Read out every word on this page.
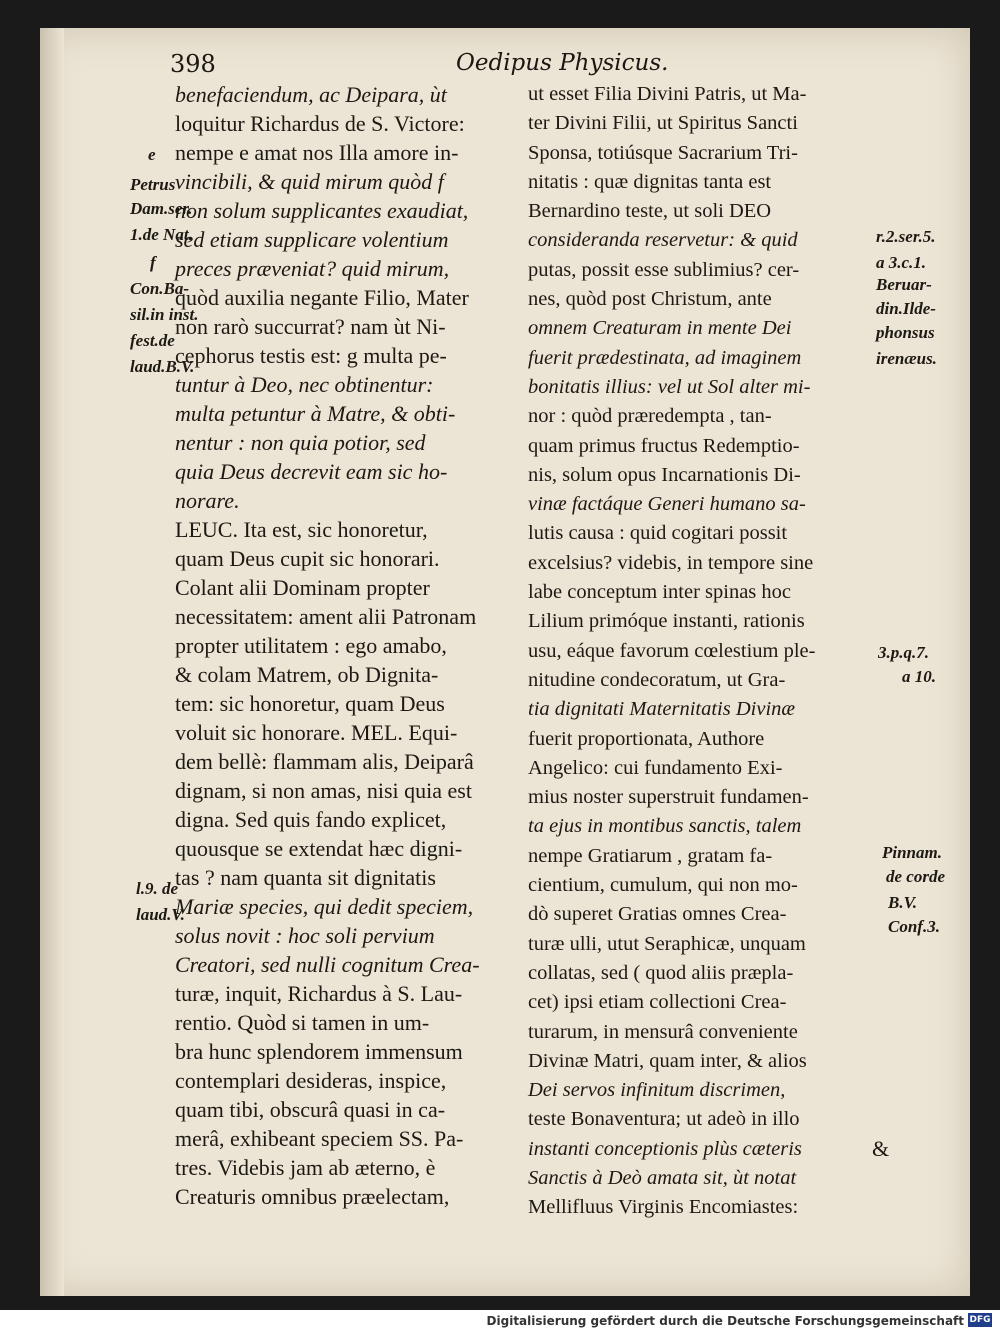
398	Oedipus Physicus.
benefaciendum, ac Deipara, ùt
loquitur Richardus de S. Victore:
nempe e amat nos Illa amore in-
vincibili, & quid mirum quòd f
non solum supplicantes exaudiat,
sed etiam supplicare volentium
preces præveniat? quid mirum,
quòd auxilia negante Filio, Mater
non rarò succurrat? nam ùt Ni-
cephorus testis est: g multa pe-
tuntur à Deo, nec obtinentur:
multa petuntur à Matre, & obti-
nentur : non quia potior, sed
quia Deus decrevit eam sic ho-
norare.
LEUC. Ita est, sic honoretur,
quam Deus cupit sic honorari.
Colant alii Dominam propter
necessitatem: ament alii Patronam
propter utilitatem : ego amabo,
& colam Matrem, ob Dignita-
tem: sic honoretur, quam Deus
voluit sic honorare. MEL. Equi-
dem bellè: flammam alis, Deiparâ
dignam, si non amas, nisi quia est
digna. Sed quis fando explicet,
quousque se extendat hæc digni-
tas ? nam quanta sit dignitatis
Mariæ species, qui dedit speciem,
solus novit : hoc soli pervium
Creatori, sed nulli cognitum Crea-
turæ, inquit, Richardus à S. Lau-
rentio. Quòd si tamen in um-
bra hunc splendorem immensum
contemplari desideras, inspice,
quam tibi, obscurâ quasi in ca-
merâ, exhibeant speciem SS. Pa-
tres. Videbis jam ab æterno, è
Creaturis omnibus præelectam,
ut esset Filia Divini Patris, ut Ma-
ter Divini Filii, ut Spiritus Sancti
Sponsa, totiúsque Sacrarium Tri-
nitatis : quæ dignitas tanta est
Bernardino teste, ut soli DEO
consideranda reservetur: & quid
putas, possit esse sublimius? cer-
nes, quòd post Christum, ante
omnem Creaturam in mente Dei
fuerit prædestinata, ad imaginem
bonitatis illius: vel ut Sol alter mi-
nor : quòd præredempta , tan-
quam primus fructus Redemptio-
nis, solum opus Incarnationis Di-
vinæ factáque Generi humano sa-
lutis causa : quid cogitari possit
excelsius? videbis, in tempore sine
labe conceptum inter spinas hoc
Lilium primóque instanti, rationis
usu, eáque favorum cœlestium ple-
nitudine condecoratum, ut Gra-
tia dignitati Maternitatis Divinæ
fuerit proportionata, Authore
Angelico: cui fundamento Exi-
mius noster superstruit fundamen-
ta ejus in montibus sanctis, talem
nempe Gratiarum , gratam fa-
cientium, cumulum, qui non mo-
dò superet Gratias omnes Crea-
turæ ulli, utut Seraphicæ, unquam
collatas, sed ( quod aliis præpla-
cet) ipsi etiam collectioni Crea-
turarum, in mensurâ conveniente
Divinæ Matri, quam inter, & alios
Dei servos infinitum discrimen,
teste Bonaventura; ut adeò in illo
instanti conceptionis plùs cæteris
Sanctis à Deò amata sit, ùt notat
Mellifluus Virginis Encomiastes:
e
Petrus
Dam.ser.
1.de Nat.
f
Con.Ba-
sil.in inst.
fest.de
laud.B.V.
l.9. de
laud.V.
r.2.ser.5.
a 3.c.1.
Beruar-
din.Ilde-
phonsus
irenæus.
3.p.q.7.
a 10.
Pinnam.
de corde
B.V.
Conf.3.
&
Digitalisierung gefördert durch die Deutsche Forschungsgemeinschaft DFG
